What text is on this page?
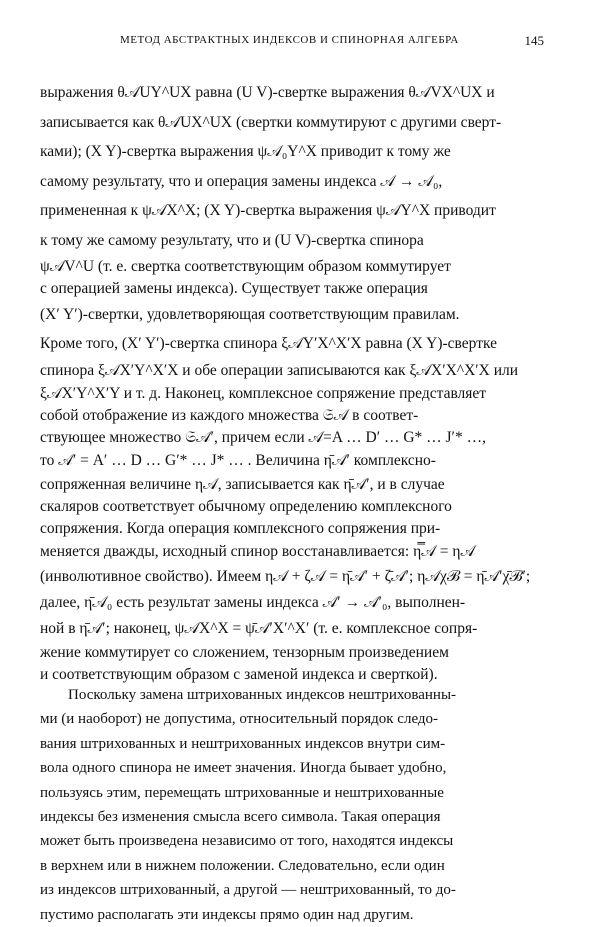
МЕТОД АБСТРАКТНЫХ ИНДЕКСОВ И СПИНОРНАЯ АЛГЕБРА	145
выражения θ𝒜UY^UX равна (U V)-свертке выражения θ𝒜VX^UX и
записывается как θ𝒜UX^UX (свертки коммутируют с другими сверт-
ками); (X Y)-свертка выражения ψ𝒜₀Y^X приводит к тому же
самому результату, что и операция замены индекса 𝒜 → 𝒜₀,
примененная к ψ𝒜X^X; (X Y)-свертка выражения ψ𝒜Y^X приводит
к тому же самому результату, что и (U V)-свертка спинора
ψ𝒜V^U (т. е. свертка соответствующим образом коммутирует
с операцией замены индекса). Существует также операция
(X′ Y′)-свертки, удовлетворяющая соответствующим правилам.
Кроме того, (X′ Y′)-свертка спинора ξ𝒜Y′X^X′X равна (X Y)-свертке
спинора ξ𝒜X′Y^X′X и обе операции записываются как ξ𝒜X′X^X′X или
ξ𝒜X′Y^X′Y и т. д. Наконец, комплексное сопряжение представляет
собой отображение из каждого множества 𝔖𝒜 в соответ-
ствующее множество 𝔖𝒜′, причем если 𝒜=A … D′ … G* … J′* …,
то 𝒜′ = A′ … D … G′* … J* … . Величина η̄𝒜′ комплексно-
сопряженная величине η𝒜, записывается как η̄𝒜′, и в случае
скаляров соответствует обычному определению комплексного
сопряжения. Когда операция комплексного сопряжения при-
меняется дважды, исходный спинор восстанавливается: η̿𝒜 = η𝒜
(инволютивное свойство). Имеем η𝒜 + ζ𝒜 = η̄𝒜′ + ζ̄𝒜′; η𝒜χℬ = η̄𝒜′χ̄ℬ′;
далее, η̄𝒜₀ есть результат замены индекса 𝒜′ → 𝒜′₀, выполнен-
ной в η̄𝒜′; наконец, ψ𝒜X^X = ψ̄𝒜′X′^X′ (т. е. комплексное сопря-
жение коммутирует со сложением, тензорным произведением
и соответствующим образом с заменой индекса и сверткой).
Поскольку замена штрихованных индексов нештрихованны-
ми (и наоборот) не допустима, относительный порядок следо-
вания штрихованных и нештрихованных индексов внутри сим-
вола одного спинора не имеет значения. Иногда бывает удобно,
пользуясь этим, перемещать штрихованные и нештрихованные
индексы без изменения смысла всего символа. Такая операция
может быть произведена независимо от того, находятся индексы
в верхнем или в нижнем положении. Следовательно, если один
из индексов штрихованный, а другой — нештрихованный, то до-
пустимо располагать эти индексы прямо один над другим.
